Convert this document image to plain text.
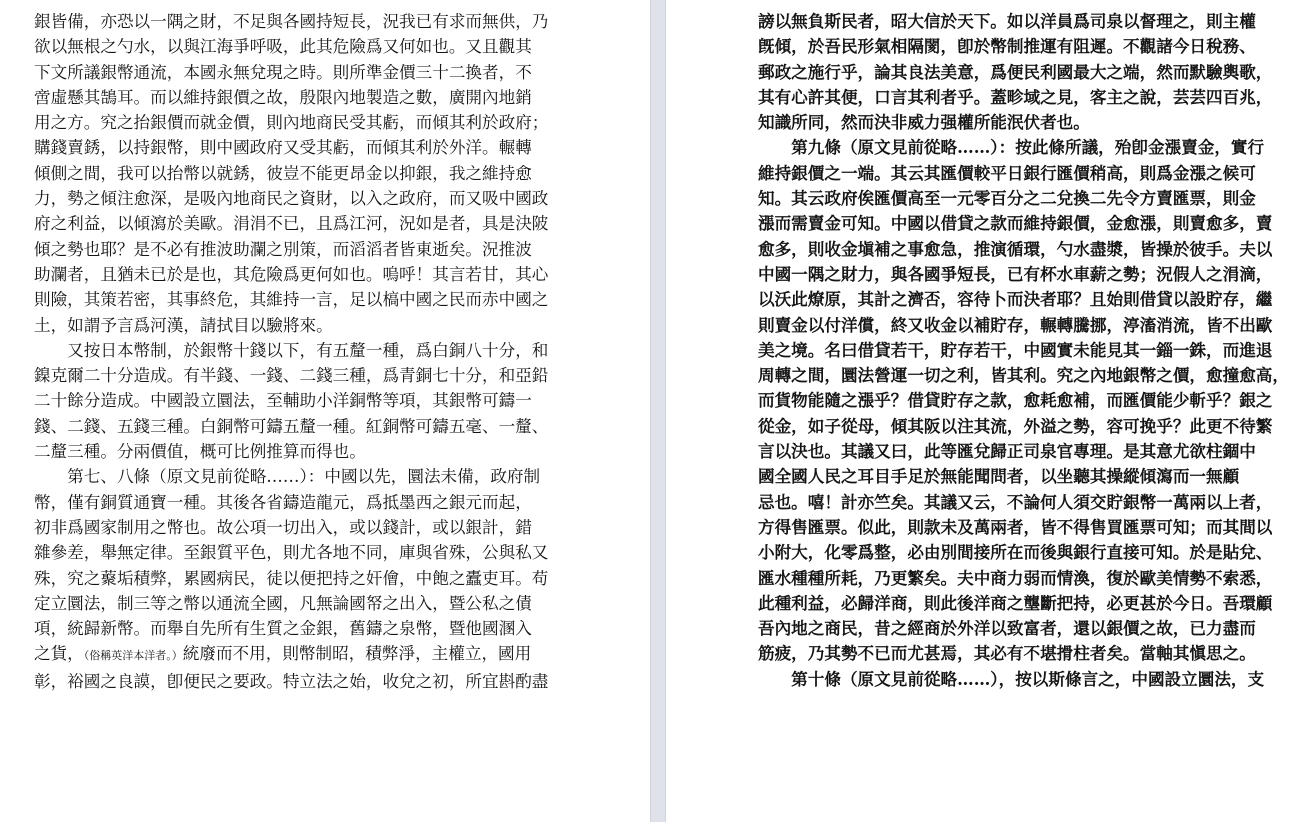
銀皆備，亦恐以一隅之財，不足與各國持短長，況我已有求而無供，乃
欲以無根之勺水，以與江海爭呼吸，此其危險爲又何如也。又且觀其
下文所議銀幣通流，本國永無兌現之時。則所準金價三十二換者，不
啻虛懸其鵠耳。而以維持銀價之故，殷限內地製造之數，廣開內地銷
用之方。究之抬銀價而就金價，則內地商民受其虧，而傾其利於政府；
購錢賣銹，以持銀幣，則中國政府又受其虧，而傾其利於外洋。輾轉
傾側之間，我可以抬幣以就銹，彼豈不能更昂金以抑銀，我之維持愈
力，勢之傾注愈深，是吸內地商民之資財，以入之政府，而又吸中國政
府之利益，以傾瀉於美歐。涓涓不已，且爲江河，況如是者，具是決陂
傾之勢也耶？是不必有推波助瀾之別策，而滔滔者皆東逝矣。況推波
助瀾者，且猶未已於是也，其危險爲更何如也。嗚呼！其言若甘，其心
則險，其策若密，其事終危，其維持一言，足以槁中國之民而赤中國之
土，如謂予言爲河漢，請拭目以驗將來。
　　又按日本幣制，於銀幣十錢以下，有五釐一種，爲白銅八十分，和
鎳克爾二十分造成。有半錢、一錢、二錢三種，爲青銅七十分，和亞鉛
二十餘分造成。中國設立圜法，至輔助小洋銅幣等項，其銀幣可鑄一
錢、二錢、五錢三種。白銅幣可鑄五釐一種。紅銅幣可鑄五毫、一釐、
二釐三種。分兩價值，概可比例推算而得也。
　　第七、八條（原文見前從略……）：中國以先，圜法未備，政府制
幣，僅有銅質通寶一種。其後各省鑄造龍元，爲抵墨西之銀元而起，
初非爲國家制用之幣也。故公項一切出入，或以錢計，或以銀計，錯
雜參差，舉無定律。至銀質平色，則尤各地不同，庫與省殊，公與私又
殊，究之藂垢積弊，累國病民，徒以便把持之奸儈，中飽之蠹吏耳。苟
定立圜法，制三等之幣以通流全國，凡無論國帑之出入，暨公私之債
項，統歸新幣。而舉自先所有生質之金銀，舊鑄之泉幣，暨他國溷入
之貨，（俗稱英洋本洋者。）統廢而不用，則幣制昭，積弊淨，主權立，國用
彰，裕國之良謨，卽便民之要政。特立法之始，收兌之初，所宜斟酌盡
謗以無負斯民者，昭大信於天下。如以洋員爲司泉以督理之，則主權
旣傾，於吾民形氣相隔閡，卽於幣制推運有阻遲。不觀諸今日稅務、
郵政之施行乎，論其良法美意，爲便民利國最大之端，然而默驗輿歌，
其有心許其便，口言其利者乎。蓋畛域之見，客主之說，芸芸四百兆，
知識所同，然而決非威力强權所能泯伏者也。
　　第九條（原文見前從略……）：按此條所議，殆卽金漲賣金，實行
維持銀價之一端。其云其匯價較平日銀行匯價稍高，則爲金漲之候可
知。其云政府俟匯價高至一元零百分之二兌換二先令方賣匯票，則金
漲而需賣金可知。中國以借貸之款而維持銀價，金愈漲，則賣愈多，賣
愈多，則收金塡補之事愈急，推演循環，勺水盡漿，皆操於彼手。夫以
中國一隅之財力，與各國爭短長，已有杯水車薪之勢；況假人之涓滴，
以沃此燎原，其計之濟否，容待卜而決者耶？且始則借貸以設貯存，繼
則賣金以付洋償，終又收金以補貯存，輾轉騰挪，渟滀消流，皆不出歐
美之境。名曰借貸若干，貯存若干，中國實未能見其一錙一銖，而進退
周轉之間，圜法營運一切之利，皆其利。究之內地銀幣之價，愈撞愈高，
而貨物能隨之漲乎？借貸貯存之款，愈耗愈補，而匯價能少斬乎？銀之
從金，如子從母，傾其阪以注其流，外溢之勢，容可挽乎？此更不待繁
言以決也。其議又曰，此等匯兌歸正司泉官專理。是其意尤欲柱錮中
國全國人民之耳目手足於無能聞問者，以坐聽其操縱傾瀉而一無顧
忌也。嘻！計亦竺矣。其議又云，不論何人須交貯銀幣一萬兩以上者，
方得售匯票。似此，則款未及萬兩者，皆不得售買匯票可知；而其間以
小附大，化零爲整，必由別間接所在而後與銀行直接可知。於是貼兌、
匯水種種所耗，乃更繁矣。夫中商力弱而情渙，復於歐美情勢不索悉，
此種利益，必歸洋商，則此後洋商之壟斷把持，必更甚於今日。吾環顧
吾內地之商民，昔之經商於外洋以致富者，還以銀價之故，已力盡而
筋疲，乃其勢不已而尤甚焉，其必有不堪搰柱者矣。當軸其愼思之。
　　第十條（原文見前從略……），按以斯條言之，中國設立圜法，支
